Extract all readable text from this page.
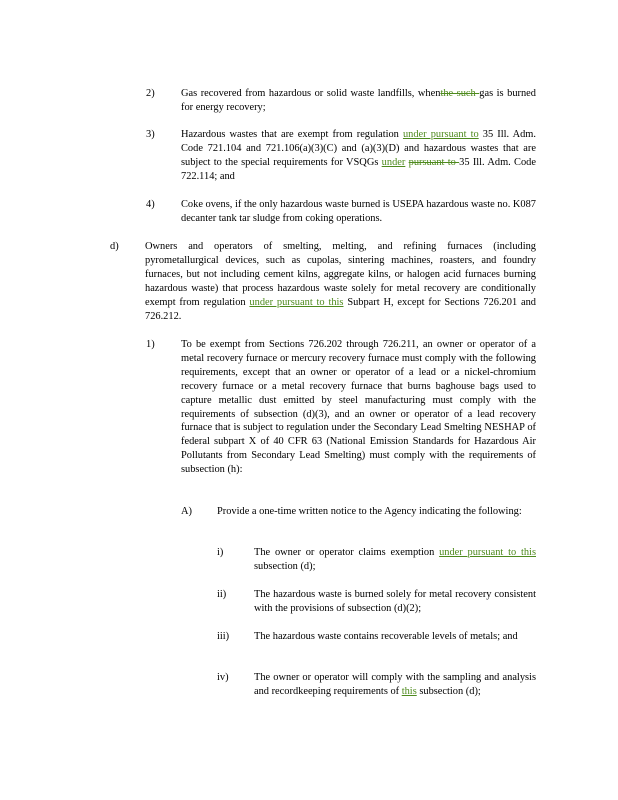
2)	Gas recovered from hazardous or solid waste landfills, whenthe such gas is burned for energy recovery;
3)	Hazardous wastes that are exempt from regulation under pursuant to 35 Ill. Adm. Code 721.104 and 721.106(a)(3)(C) and (a)(3)(D) and hazardous wastes that are subject to the special requirements for VSQGs under pursuant to 35 Ill. Adm. Code 722.114; and
4)	Coke ovens, if the only hazardous waste burned is USEPA hazardous waste no. K087 decanter tank tar sludge from coking operations.
d)	Owners and operators of smelting, melting, and refining furnaces (including pyrometallurgical devices, such as cupolas, sintering machines, roasters, and foundry furnaces, but not including cement kilns, aggregate kilns, or halogen acid furnaces burning hazardous waste) that process hazardous waste solely for metal recovery are conditionally exempt from regulation under pursuant to this Subpart H, except for Sections 726.201 and 726.212.
1)	To be exempt from Sections 726.202 through 726.211, an owner or operator of a metal recovery furnace or mercury recovery furnace must comply with the following requirements, except that an owner or operator of a lead or a nickel-chromium recovery furnace or a metal recovery furnace that burns baghouse bags used to capture metallic dust emitted by steel manufacturing must comply with the requirements of subsection (d)(3), and an owner or operator of a lead recovery furnace that is subject to regulation under the Secondary Lead Smelting NESHAP of federal subpart X of 40 CFR 63 (National Emission Standards for Hazardous Air Pollutants from Secondary Lead Smelting) must comply with the requirements of subsection (h):
A) Provide a one-time written notice to the Agency indicating the following:
i)	The owner or operator claims exemption under pursuant to this subsection (d);
ii)	The hazardous waste is burned solely for metal recovery consistent with the provisions of subsection (d)(2);
iii) The hazardous waste contains recoverable levels of metals; and
iv) The owner or operator will comply with the sampling and analysis and recordkeeping requirements of this subsection (d);
